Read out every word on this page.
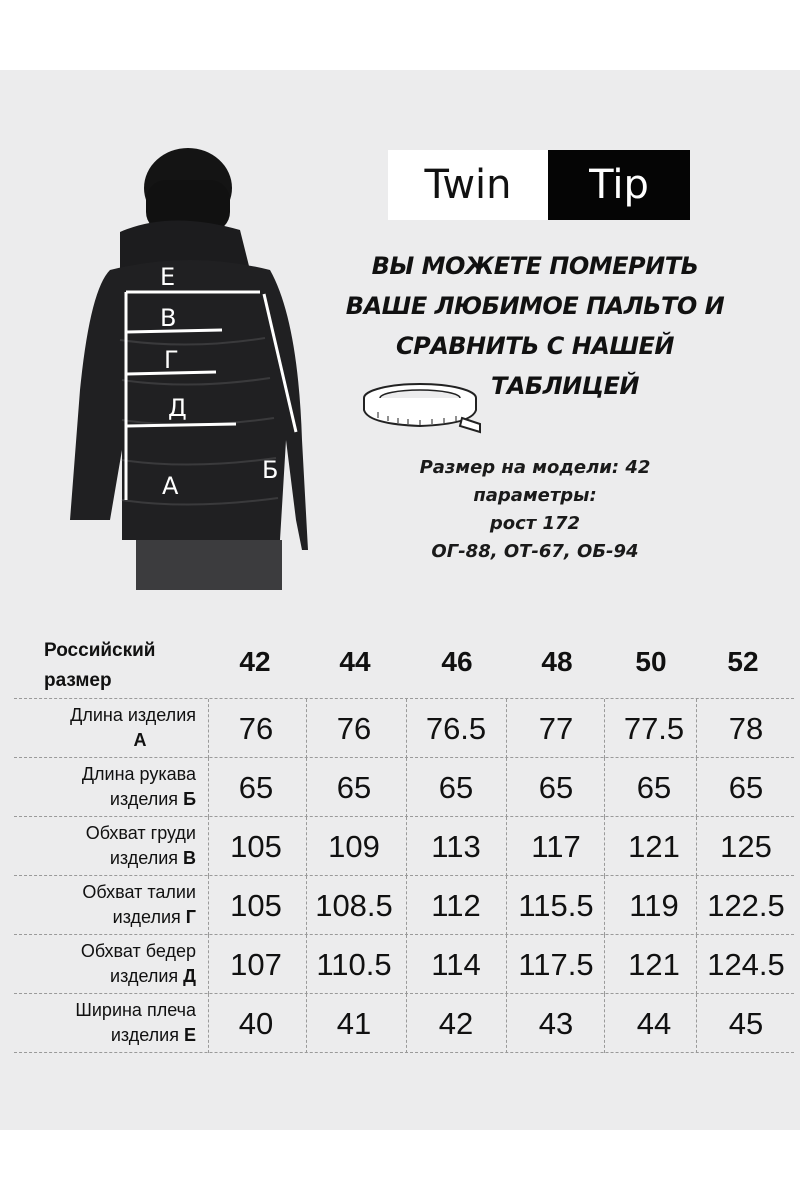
Е
В
Г
Д
А
Б
Twin	Tip
ВЫ МОЖЕТЕ ПОМЕРИТЬ
ВАШЕ ЛЮБИМОЕ ПАЛЬТО И
СРАВНИТЬ С НАШЕЙ
ТАБЛИЦЕЙ
Размер на модели: 42
параметры:
рост 172
ОГ-88, ОТ-67, ОБ-94
Российский
размер
42	44	46	48	50	52
Длина изделия
А	76	76	76.5	77	77.5	78
Длина рукава
изделия Б	65	65	65	65	65	65
Обхват груди
изделия В	105	109	113	117	121	125
Обхват талии
изделия Г	105	108.5	112	115.5	119 122.5
Обхват бедер
изделия Д	107	110.5	114	117.5	121 124.5
Ширина плеча
изделия Е	40	41	42	43	44	45
